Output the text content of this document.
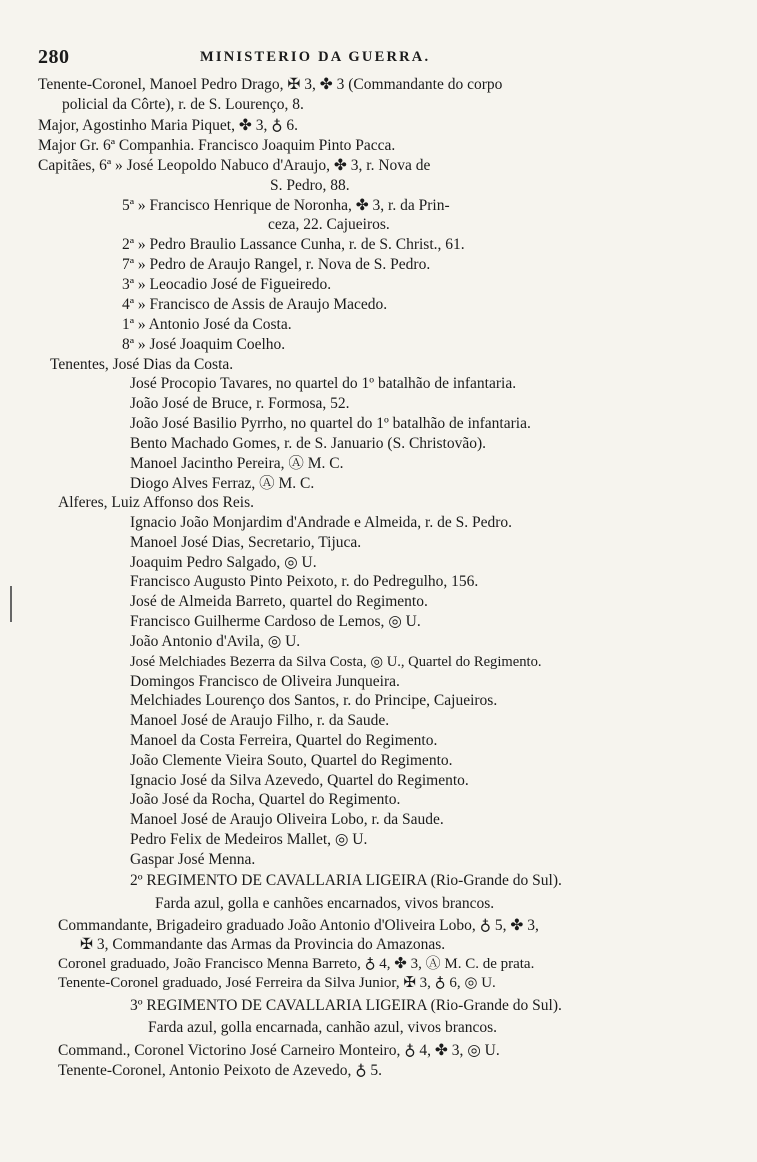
280	MINISTERIO DA GUERRA.
Tenente-Coronel, Manoel Pedro Drago, ✠ 3, ✤ 3 (Commandante do corpo
policial da Côrte), r. de S. Lourenço, 8.
Major, Agostinho Maria Piquet, ✤ 3, ♁ 6.
Major Gr. 6ª Companhia. Francisco Joaquim Pinto Pacca.
Capitães, 6ª » José Leopoldo Nabuco d'Araujo, ✤ 3, r. Nova de
S. Pedro, 88.
5ª » Francisco Henrique de Noronha, ✤ 3, r. da Prin-
ceza, 22. Cajueiros.
2ª » Pedro Braulio Lassance Cunha, r. de S. Christ., 61.
7ª » Pedro de Araujo Rangel, r. Nova de S. Pedro.
3ª » Leocadio José de Figueiredo.
4ª » Francisco de Assis de Araujo Macedo.
1ª » Antonio José da Costa.
8ª » José Joaquim Coelho.
Tenentes, José Dias da Costa.
José Procopio Tavares, no quartel do 1º batalhão de infantaria.
João José de Bruce, r. Formosa, 52.
João José Basilio Pyrrho, no quartel do 1º batalhão de infantaria.
Bento Machado Gomes, r. de S. Januario (S. Christovão).
Manoel Jacintho Pereira, Ⓐ M. C.
Diogo Alves Ferraz, Ⓐ M. C.
Alferes, Luiz Affonso dos Reis.
Ignacio João Monjardim d'Andrade e Almeida, r. de S. Pedro.
Manoel José Dias, Secretario, Tijuca.
Joaquim Pedro Salgado, ◎ U.
Francisco Augusto Pinto Peixoto, r. do Pedregulho, 156.
José de Almeida Barreto, quartel do Regimento.
Francisco Guilherme Cardoso de Lemos, ◎ U.
João Antonio d'Avila, ◎ U.
José Melchiades Bezerra da Silva Costa, ◎ U., Quartel do Regimento.
Domingos Francisco de Oliveira Junqueira.
Melchiades Lourenço dos Santos, r. do Principe, Cajueiros.
Manoel José de Araujo Filho, r. da Saude.
Manoel da Costa Ferreira, Quartel do Regimento.
João Clemente Vieira Souto, Quartel do Regimento.
Ignacio José da Silva Azevedo, Quartel do Regimento.
João José da Rocha, Quartel do Regimento.
Manoel José de Araujo Oliveira Lobo, r. da Saude.
Pedro Felix de Medeiros Mallet, ◎ U.
Gaspar José Menna.
2º REGIMENTO DE CAVALLARIA LIGEIRA (Rio-Grande do Sul).
Farda azul, golla e canhões encarnados, vivos brancos.
Commandante, Brigadeiro graduado João Antonio d'Oliveira Lobo, ♁ 5, ✤ 3,
✠ 3, Commandante das Armas da Provincia do Amazonas.
Coronel graduado, João Francisco Menna Barreto, ♁ 4, ✤ 3, Ⓐ M. C. de prata.
Tenente-Coronel graduado, José Ferreira da Silva Junior, ✠ 3, ♁ 6, ◎ U.
3º REGIMENTO DE CAVALLARIA LIGEIRA (Rio-Grande do Sul).
Farda azul, golla encarnada, canhão azul, vivos brancos.
Command., Coronel Victorino José Carneiro Monteiro, ♁ 4, ✤ 3, ◎ U.
Tenente-Coronel, Antonio Peixoto de Azevedo, ♁ 5.
